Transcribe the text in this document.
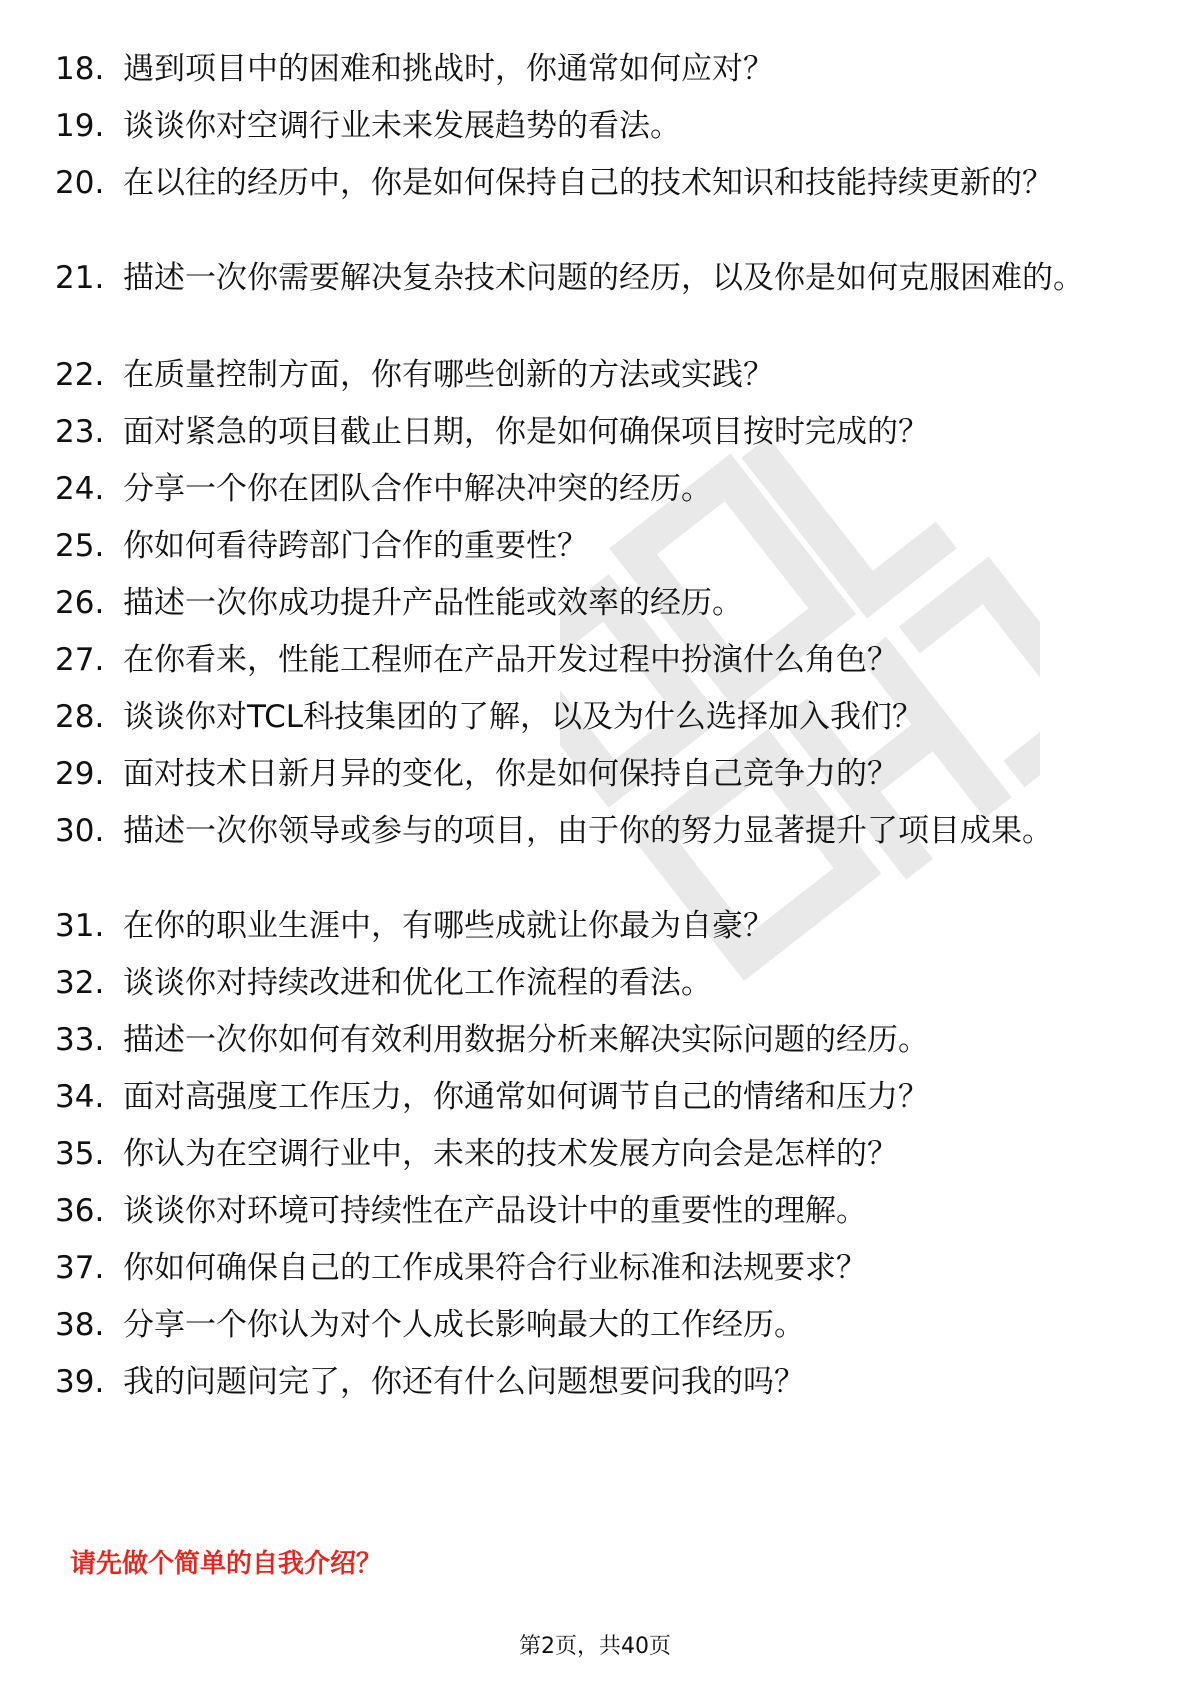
18. 遇到项目中的困难和挑战时，你通常如何应对？
19. 谈谈你对空调行业未来发展趋势的看法。
20. 在以往的经历中，你是如何保持自己的技术知识和技能持续更新的？
21. 描述一次你需要解决复杂技术问题的经历，以及你是如何克服困难的。
22. 在质量控制方面，你有哪些创新的方法或实践？
23. 面对紧急的项目截止日期，你是如何确保项目按时完成的？
24. 分享一个你在团队合作中解决冲突的经历。
25. 你如何看待跨部门合作的重要性？
26. 描述一次你成功提升产品性能或效率的经历。
27. 在你看来，性能工程师在产品开发过程中扮演什么角色？
28. 谈谈你对TCL科技集团的了解，以及为什么选择加入我们？
29. 面对技术日新月异的变化，你是如何保持自己竞争力的？
30. 描述一次你领导或参与的项目，由于你的努力显著提升了项目成果。
31. 在你的职业生涯中，有哪些成就让你最为自豪？
32. 谈谈你对持续改进和优化工作流程的看法。
33. 描述一次你如何有效利用数据分析来解决实际问题的经历。
34. 面对高强度工作压力，你通常如何调节自己的情绪和压力？
35. 你认为在空调行业中，未来的技术发展方向会是怎样的？
36. 谈谈你对环境可持续性在产品设计中的重要性的理解。
37. 你如何确保自己的工作成果符合行业标准和法规要求？
38. 分享一个你认为对个人成长影响最大的工作经历。
39. 我的问题问完了，你还有什么问题想要问我的吗？
请先做个简单的自我介绍？
第2页，共40页
